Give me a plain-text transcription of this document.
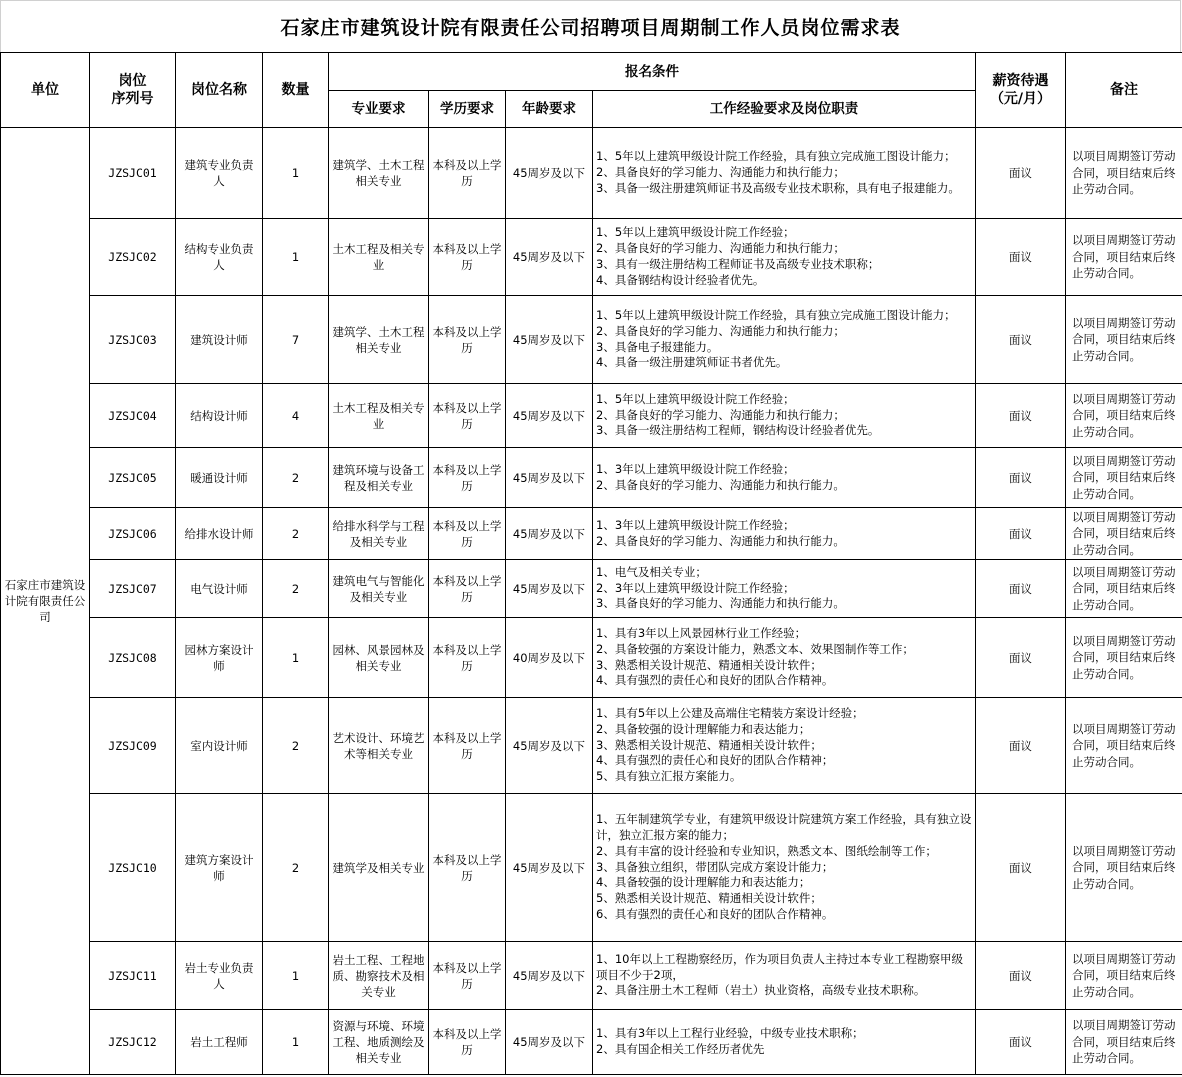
石家庄市建筑设计院有限责任公司招聘项目周期制工作人员岗位需求表
单位	岗位
序列号	岗位名称	数量	报名条件				薪资待遇
（元/月）	备注
				专业要求	学历要求	年龄要求	工作经验要求及岗位职责		
石家庄市建筑设计院有限责任公司	JZSJC01	建筑专业负责人	1	建筑学、土木工程相关专业	本科及以上学历	45周岁及以下	1、5年以上建筑甲级设计院工作经验，具有独立完成施工图设计能力；
2、具备良好的学习能力、沟通能力和执行能力；
3、具备一级注册建筑师证书及高级专业技术职称，具有电子报建能力。	面议	以项目周期签订劳动合同，项目结束后终止劳动合同。
	JZSJC02	结构专业负责人	1	土木工程及相关专业	本科及以上学历	45周岁及以下	1、5年以上建筑甲级设计院工作经验；
2、具备良好的学习能力、沟通能力和执行能力；
3、具有一级注册结构工程师证书及高级专业技术职称；
4、具备钢结构设计经验者优先。	面议	以项目周期签订劳动合同，项目结束后终止劳动合同。
	JZSJC03	建筑设计师	7	建筑学、土木工程相关专业	本科及以上学历	45周岁及以下	1、5年以上建筑甲级设计院工作经验，具有独立完成施工图设计能力；
2、具备良好的学习能力、沟通能力和执行能力；
3、具备电子报建能力。
4、具备一级注册建筑师证书者优先。	面议	以项目周期签订劳动合同，项目结束后终止劳动合同。
	JZSJC04	结构设计师	4	土木工程及相关专业	本科及以上学历	45周岁及以下	1、5年以上建筑甲级设计院工作经验；
2、具备良好的学习能力、沟通能力和执行能力；
3、具备一级注册结构工程师，钢结构设计经验者优先。	面议	以项目周期签订劳动合同，项目结束后终止劳动合同。
	JZSJC05	暖通设计师	2	建筑环境与设备工程及相关专业	本科及以上学历	45周岁及以下	1、3年以上建筑甲级设计院工作经验；
2、具备良好的学习能力、沟通能力和执行能力。	面议	以项目周期签订劳动合同，项目结束后终止劳动合同。
	JZSJC06	给排水设计师	2	给排水科学与工程及相关专业	本科及以上学历	45周岁及以下	1、3年以上建筑甲级设计院工作经验；
2、具备良好的学习能力、沟通能力和执行能力。	面议	以项目周期签订劳动合同，项目结束后终止劳动合同。
	JZSJC07	电气设计师	2	建筑电气与智能化及相关专业	本科及以上学历	45周岁及以下	1、电气及相关专业；
2、3年以上建筑甲级设计院工作经验；
3、具备良好的学习能力、沟通能力和执行能力。	面议	以项目周期签订劳动合同，项目结束后终止劳动合同。
	JZSJC08	园林方案设计师	1	园林、风景园林及相关专业	本科及以上学历	40周岁及以下	1、具有3年以上风景园林行业工作经验；
2、具备较强的方案设计能力，熟悉文本、效果图制作等工作；
3、熟悉相关设计规范、精通相关设计软件；
4、具有强烈的责任心和良好的团队合作精神。	面议	以项目周期签订劳动合同，项目结束后终止劳动合同。
	JZSJC09	室内设计师	2	艺术设计、环境艺术等相关专业	本科及以上学历	45周岁及以下	1、具有5年以上公建及高端住宅精装方案设计经验；
2、具备较强的设计理解能力和表达能力；
3、熟悉相关设计规范、精通相关设计软件；
4、具有强烈的责任心和良好的团队合作精神；
5、具有独立汇报方案能力。	面议	以项目周期签订劳动合同，项目结束后终止劳动合同。
JZSJC10	建筑方案设计师	2	建筑学及相关专业	本科及以上学历	45周岁及以下	
1、五年制建筑学专业，有建筑甲级设计院建筑方案工作经验，具有独立设计，独立汇报方案的能力；
2、具有丰富的设计经验和专业知识，熟悉文本、图纸绘制等工作；
3、具备独立组织，带团队完成方案设计能力；
4、具备较强的设计理解能力和表达能力；
5、熟悉相关设计规范、精通相关设计软件；
6、具有强烈的责任心和良好的团队合作精神。
	面议	以项目周期签订劳动合同，项目结束后终止劳动合同。
	JZSJC11	岩土专业负责人	1	岩土工程、工程地质、勘察技术及相关专业	本科及以上学历	45周岁及以下	1、10年以上工程勘察经历，作为项目负责人主持过本专业工程勘察甲级项目不少于2项，
2、具备注册土木工程师（岩土）执业资格，高级专业技术职称。	面议	以项目周期签订劳动合同，项目结束后终止劳动合同。
	JZSJC12	岩土工程师	1	资源与环境、环境工程、地质测绘及相关专业	本科及以上学历	45周岁及以下	1、具有3年以上工程行业经验，中级专业技术职称；
2、具有国企相关工作经历者优先	面议	以项目周期签订劳动合同，项目结束后终止劳动合同。
